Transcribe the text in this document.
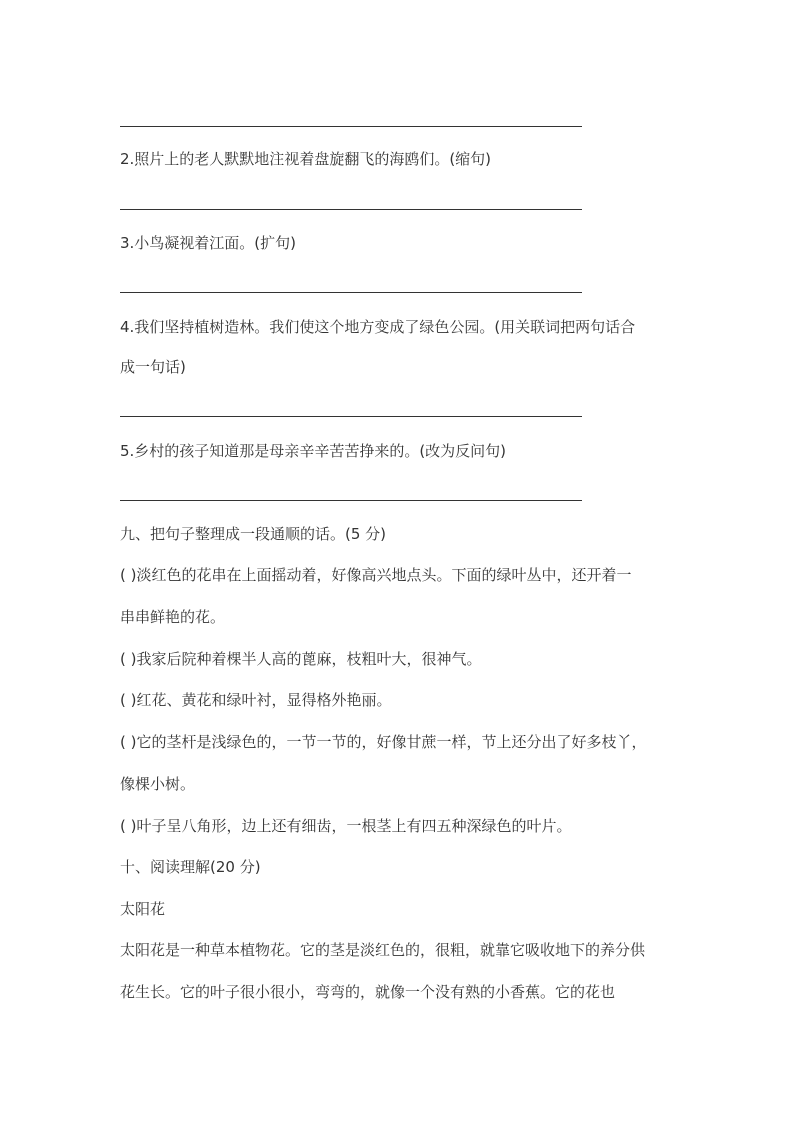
2.照片上的老人默默地注视着盘旋翻飞的海鸥们。(缩句)
3.小鸟凝视着江面。(扩句)
4.我们坚持植树造林。我们使这个地方变成了绿色公园。(用关联词把两句话合
成一句话)
5.乡村的孩子知道那是母亲辛辛苦苦挣来的。(改为反问句)
九、把句子整理成一段通顺的话。(5 分)
( )淡红色的花串在上面摇动着，好像高兴地点头。下面的绿叶丛中，还开着一
串串鲜艳的花。
( )我家后院种着棵半人高的蓖麻，枝粗叶大，很神气。
( )红花、黄花和绿叶衬，显得格外艳丽。
( )它的茎杆是浅绿色的，一节一节的，好像甘蔗一样，节上还分出了好多枝丫，
像棵小树。
( )叶子呈八角形，边上还有细齿，一根茎上有四五种深绿色的叶片。
十、阅读理解(20 分)
太阳花
太阳花是一种草本植物花。它的茎是淡红色的，很粗，就靠它吸收地下的养分供
花生长。它的叶子很小很小，弯弯的，就像一个没有熟的小香蕉。它的花也
